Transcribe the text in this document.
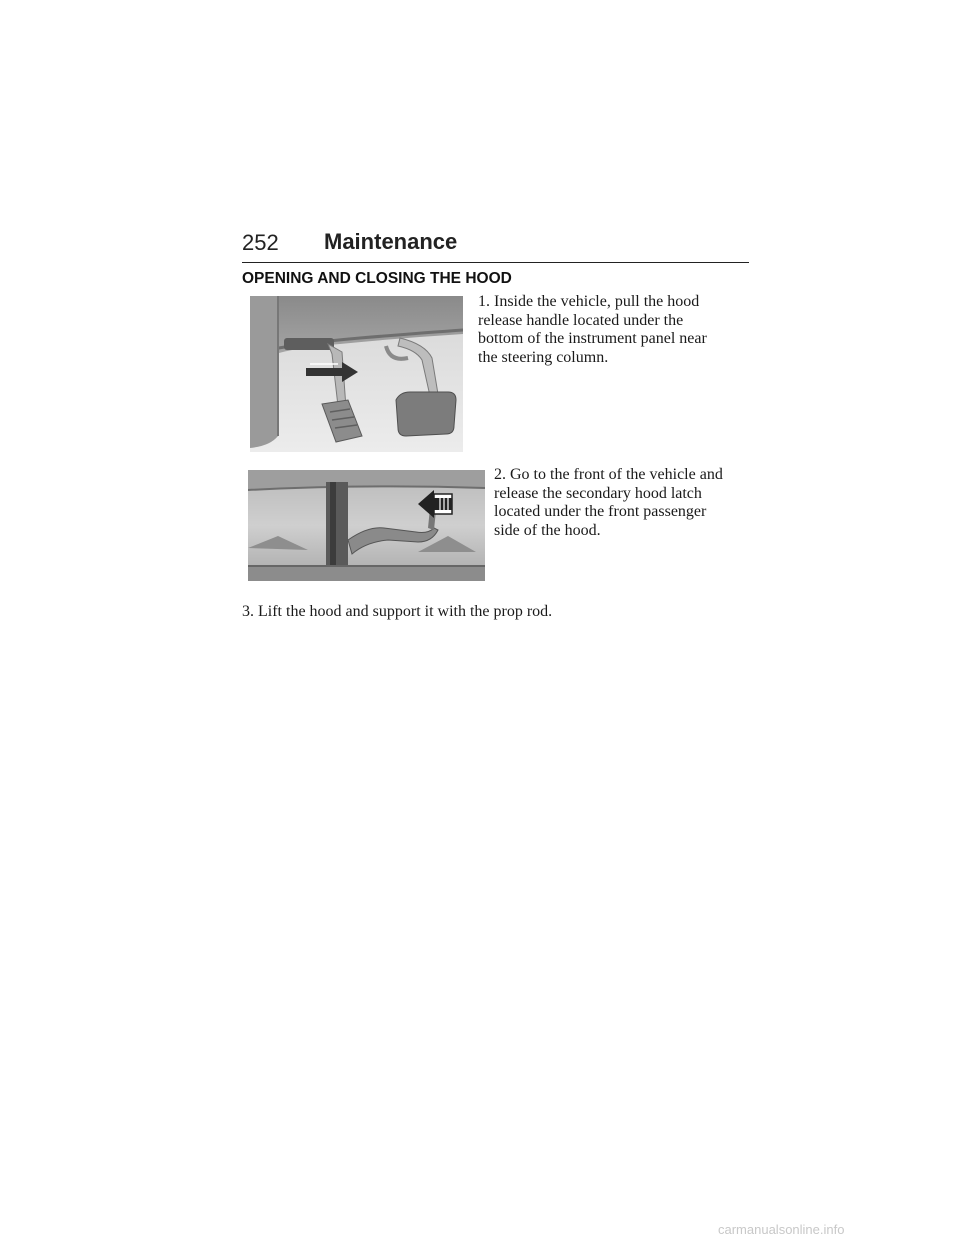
252 Maintenance
OPENING AND CLOSING THE HOOD
1. Inside the vehicle, pull the hood
release handle located under the
bottom of the instrument panel near
the steering column.
2. Go to the front of the vehicle and
release the secondary hood latch
located under the front passenger
side of the hood.
3. Lift the hood and support it with the prop rod.
carmanualsonline.info
